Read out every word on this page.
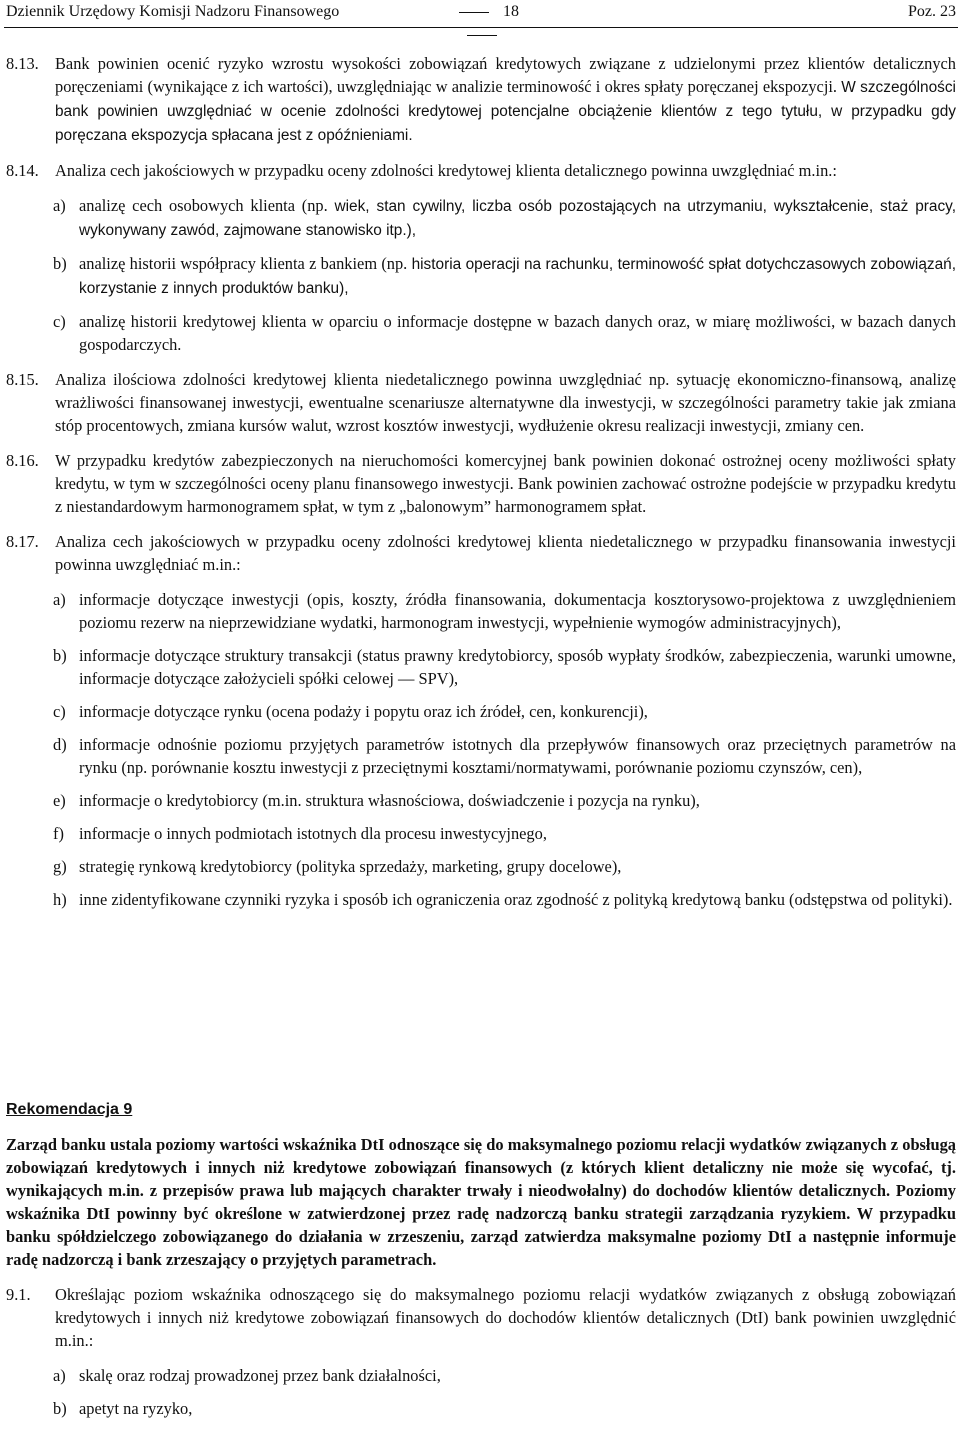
Dziennik Urzędowy Komisji Nadzoru Finansowego	18	Poz. 23
8.13. Bank powinien ocenić ryzyko wzrostu wysokości zobowiązań kredytowych związane z udzielonymi przez klientów detalicznych poręczeniami (wynikające z ich wartości), uwzględniając w analizie terminowość i okres spłaty poręczanej ekspozycji. W szczególności bank powinien uwzględniać w ocenie zdolności kredytowej potencjalne obciążenie klientów z tego tytułu, w przypadku gdy poręczana ekspozycja spłacana jest z opóźnieniami.
8.14. Analiza cech jakościowych w przypadku oceny zdolności kredytowej klienta detalicznego powinna uwzględniać m.in.:
a) analizę cech osobowych klienta (np. wiek, stan cywilny, liczba osób pozostających na utrzymaniu, wykształcenie, staż pracy, wykonywany zawód, zajmowane stanowisko itp.),
b) analizę historii współpracy klienta z bankiem (np. historia operacji na rachunku, terminowość spłat dotychczasowych zobowiązań, korzystanie z innych produktów banku),
c) analizę historii kredytowej klienta w oparciu o informacje dostępne w bazach danych oraz, w miarę możliwości, w bazach danych gospodarczych.
8.15. Analiza ilościowa zdolności kredytowej klienta niedetalicznego powinna uwzględniać np. sytuację ekonomiczno-finansową, analizę wrażliwości finansowanej inwestycji, ewentualne scenariusze alternatywne dla inwestycji, w szczególności parametry takie jak zmiana stóp procentowych, zmiana kursów walut, wzrost kosztów inwestycji, wydłużenie okresu realizacji inwestycji, zmiany cen.
8.16. W przypadku kredytów zabezpieczonych na nieruchomości komercyjnej bank powinien dokonać ostrożnej oceny możliwości spłaty kredytu, w tym w szczególności oceny planu finansowego inwestycji. Bank powinien zachować ostrożne podejście w przypadku kredytu z niestandardowym harmonogramem spłat, w tym z „balonowym” harmonogramem spłat.
8.17. Analiza cech jakościowych w przypadku oceny zdolności kredytowej klienta niedetalicznego w przypadku finansowania inwestycji powinna uwzględniać m.in.:
a) informacje dotyczące inwestycji (opis, koszty, źródła finansowania, dokumentacja kosztorysowo-projektowa z uwzględnieniem poziomu rezerw na nieprzewidziane wydatki, harmonogram inwestycji, wypełnienie wymogów administracyjnych),
b) informacje dotyczące struktury transakcji (status prawny kredytobiorcy, sposób wypłaty środków, zabezpieczenia, warunki umowne, informacje dotyczące założycieli spółki celowej — SPV),
c) informacje dotyczące rynku (ocena podaży i popytu oraz ich źródeł, cen, konkurencji),
d) informacje odnośnie poziomu przyjętych parametrów istotnych dla przepływów finansowych oraz przeciętnych parametrów na rynku (np. porównanie kosztu inwestycji z przeciętnymi kosztami/normatywami, porównanie poziomu czynszów, cen),
e) informacje o kredytobiorcy (m.in. struktura własnościowa, doświadczenie i pozycja na rynku),
f) informacje o innych podmiotach istotnych dla procesu inwestycyjnego,
g) strategię rynkową kredytobiorcy (polityka sprzedaży, marketing, grupy docelowe),
h) inne zidentyfikowane czynniki ryzyka i sposób ich ograniczenia oraz zgodność z polityką kredytową banku (odstępstwa od polityki).
Rekomendacja 9
Zarząd banku ustala poziomy wartości wskaźnika DtI odnoszące się do maksymalnego poziomu relacji wydatków związanych z obsługą zobowiązań kredytowych i innych niż kredytowe zobowiązań finansowych (z których klient detaliczny nie może się wycofać, tj. wynikających m.in. z przepisów prawa lub mających charakter trwały i nieodwołalny) do dochodów klientów detalicznych. Poziomy wskaźnika DtI powinny być określone w zatwierdzonej przez radę nadzorczą banku strategii zarządzania ryzykiem. W przypadku banku spółdzielczego zobowiązanego do działania w zrzeszeniu, zarząd zatwierdza maksymalne poziomy DtI a następnie informuje radę nadzorczą i bank zrzeszający o przyjętych parametrach.
9.1.	Określając poziom wskaźnika odnoszącego się do maksymalnego poziomu relacji wydatków związanych z obsługą zobowiązań kredytowych i innych niż kredytowe zobowiązań finansowych do dochodów klientów detalicznych (DtI) bank powinien uwzględnić m.in.:
a) skalę oraz rodzaj prowadzonej przez bank działalności,
b) apetyt na ryzyko,
